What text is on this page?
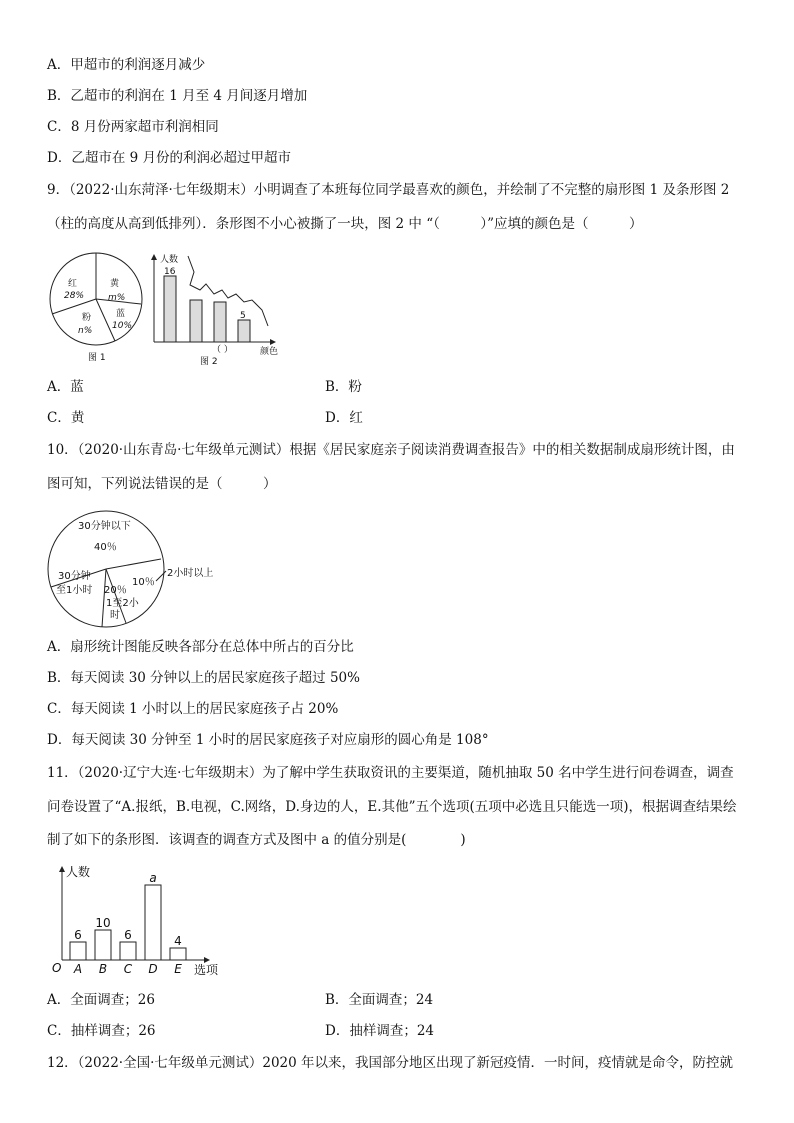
A．甲超市的利润逐月减少
B．乙超市的利润在 1 月至 4 月间逐月增加
C．8 月份两家超市利润相同
D．乙超市在 9 月份的利润必超过甲超市
9．（2022·山东菏泽·七年级期末）小明调查了本班每位同学最喜欢的颜色，并绘制了不完整的扇形图 1 及条形图 2
（柱的高度从高到低排列）．条形图不小心被撕了一块，图 2 中 “（　　　）”应填的颜色是（　　　）
红
28%
黄
m%
粉
n%
蓝
10%
图 1
人数
16
5
（ ）	颜色
图 2
A．蓝	B．粉
C．黄	D．红
10．（2020·山东青岛·七年级单元测试）根据《居民家庭亲子阅读消费调查报告》中的相关数据制成扇形统计图，由
图可知，下列说法错误的是（　　　）
30分钟以下
40％
30分钟
至1小时 20％
1至2小
时
10％
2小时以上
A．扇形统计图能反映各部分在总体中所占的百分比
B．每天阅读 30 分钟以上的居民家庭孩子超过 50%
C．每天阅读 1 小时以上的居民家庭孩子占 20%
D．每天阅读 30 分钟至 1 小时的居民家庭孩子对应扇形的圆心角是 108°
11．（2020·辽宁大连·七年级期末）为了解中学生获取资讯的主要渠道，随机抽取 50 名中学生进行问卷调查，调查
问卷设置了“A.报纸，B.电视，C.网络，D.身边的人，E.其他”五个选项(五项中必选且只能选一项)，根据调查结果绘
制了如下的条形图．该调查的调查方式及图中 a 的值分别是(　　　　)
人数
O	选项
6
A
10
B
6
C
a
D
4
E
A．全面调查；26	B．全面调查；24
C．抽样调查；26	D．抽样调查；24
12．（2022·全国·七年级单元测试）2020 年以来，我国部分地区出现了新冠疫情．一时间，疫情就是命令，防控就
